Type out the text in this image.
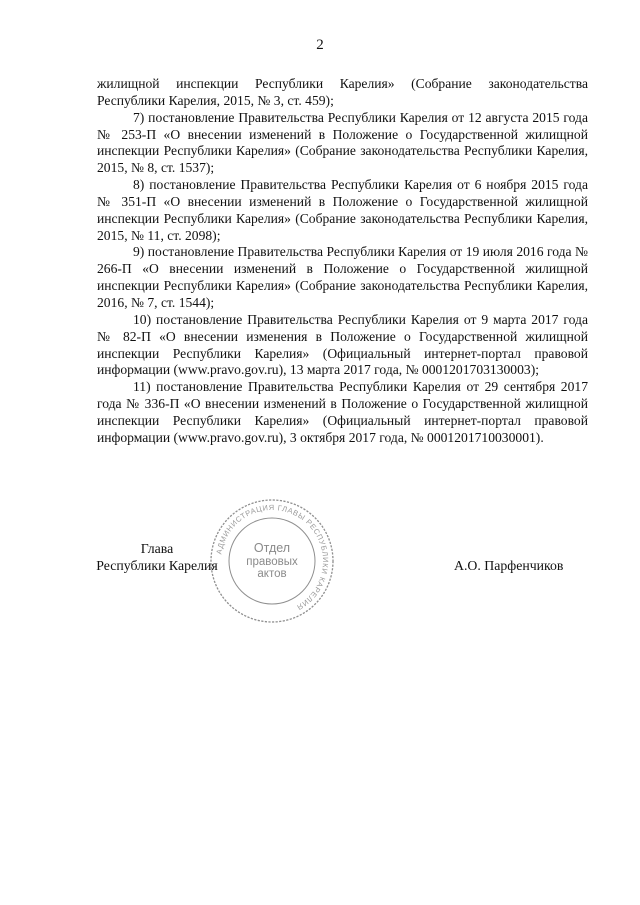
2

жилищной инспекции Республики Карелия» (Собрание законодательства Республики Карелия, 2015, № 3, ст. 459);

7) постановление Правительства Республики Карелия от 12 августа 2015 года № 253-П «О внесении изменений в Положение о Государственной жилищной инспекции Республики Карелия» (Собрание законодательства Республики Карелия, 2015, № 8, ст. 1537);

8) постановление Правительства Республики Карелия от 6 ноября 2015 года № 351-П «О внесении изменений в Положение о Государственной жилищной инспекции Республики Карелия» (Собрание законодательства Республики Карелия, 2015, № 11, ст. 2098);

9) постановление Правительства Республики Карелия от 19 июля 2016 года № 266-П «О внесении изменений в Положение о Государственной жилищной инспекции Республики Карелия» (Собрание законодательства Республики Карелия, 2016, № 7, ст. 1544);

10) постановление Правительства Республики Карелия от 9 марта 2017 года № 82-П «О внесении изменения в Положение о Государственной жилищной инспекции Республики Карелия» (Официальный интернет-портал правовой информации (www.pravo.gov.ru), 13 марта 2017 года, № 0001201703130003);

11) постановление Правительства Республики Карелия от 29 сентября 2017 года № 336-П «О внесении изменений в Положение о Государственной жилищной инспекции Республики Карелия» (Официальный интернет-портал правовой информации (www.pravo.gov.ru), 3 октября 2017 года, № 0001201710030001).

Глава
Республики Карелия	А.О. Парфенчиков
АДМИНИСТРАЦИЯ ГЛАВЫ РЕСПУБЛИКИ КАРЕЛИЯ
Отдел
правовых
актов
